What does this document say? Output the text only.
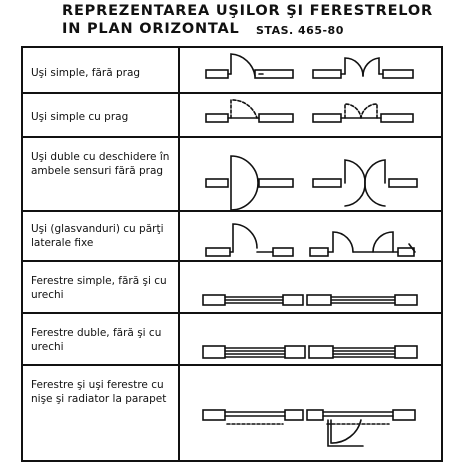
REPREZENTAREA UŞILOR ŞI FERESTRELOR
IN PLAN ORIZONTAL STAS. 465-80
Uşi simple, fără prag
Uşi simple cu prag
Uşi duble cu deschidere în ambele sensuri fără prag
Uşi (glasvanduri) cu părţi laterale fixe
Ferestre simple, fără şi cu urechi
Ferestre duble, fără şi cu urechi
Ferestre şi uşi ferestre cu nişe şi radiator la parapet
